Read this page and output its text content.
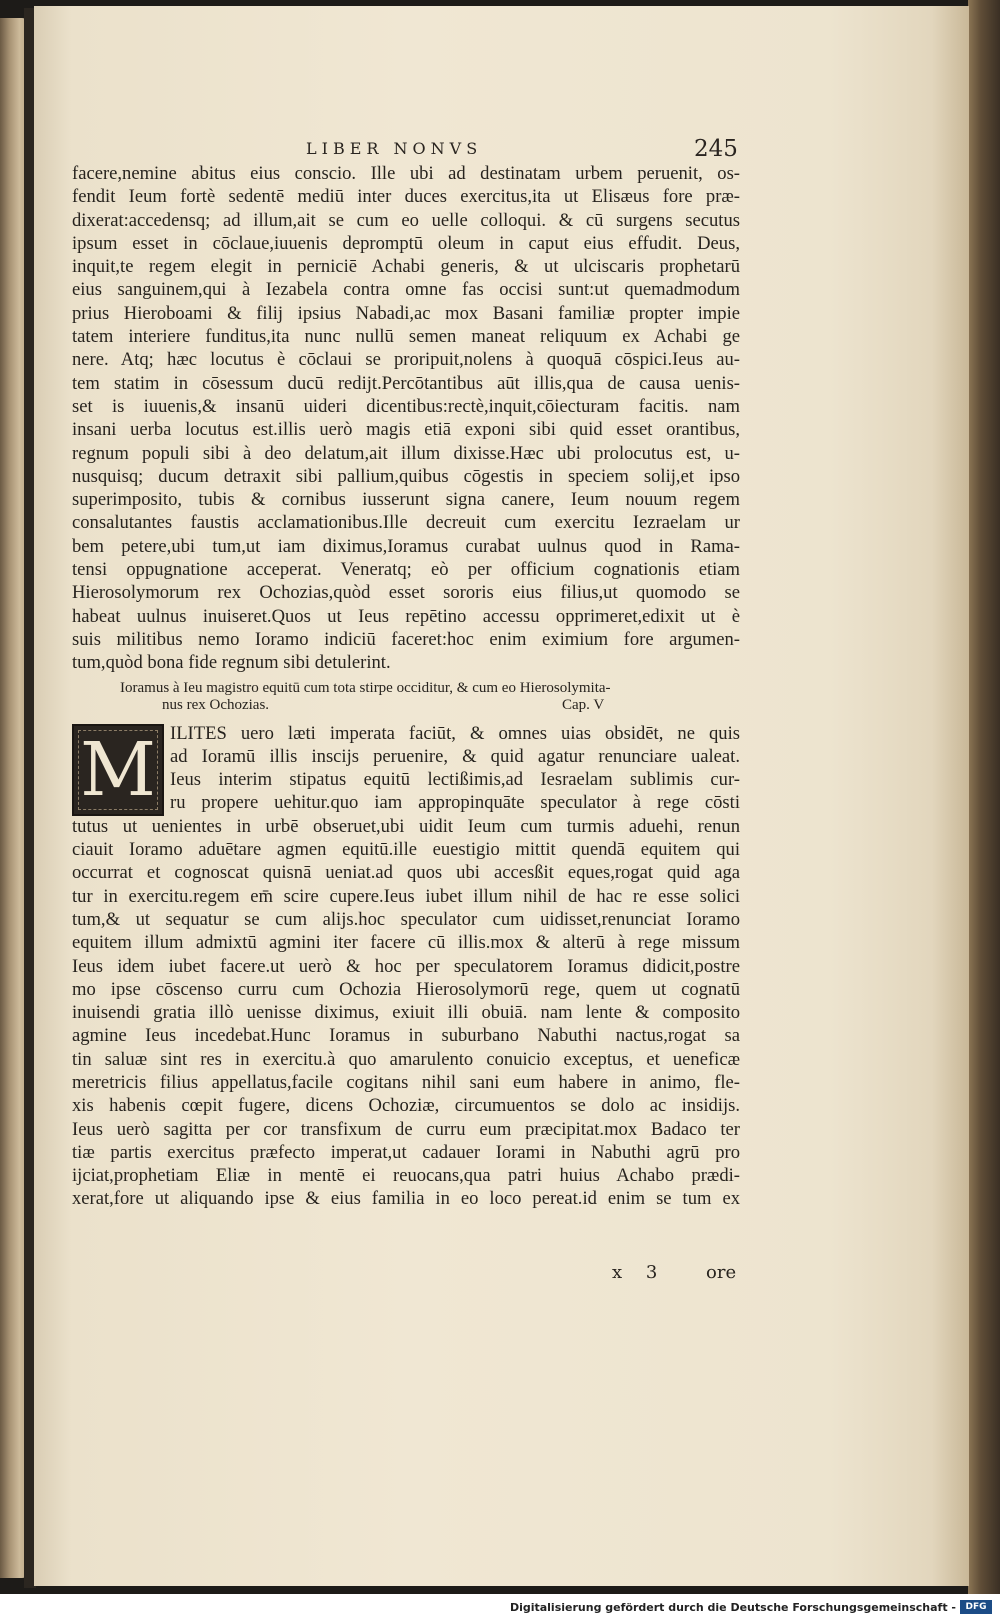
LIBER NONVS	245
facere,nemine abitus eius conscio. Ille ubi ad destinatam urbem peruenit, os-
fendit Ieum fortè sedentē mediū inter duces exercitus,ita ut Elisæus fore præ-
dixerat:accedensq; ad illum,ait se cum eo uelle colloqui. & cū surgens secutus
ipsum esset in cōclaue,iuuenis depromptū oleum in caput eius effudit. Deus,
inquit,te regem elegit in perniciē Achabi generis, & ut ulciscaris prophetarū
eius sanguinem,qui à Iezabela contra omne fas occisi sunt:ut quemadmodum
prius Hieroboami & filij ipsius Nabadi,ac mox Basani familiæ propter impie
tatem interiere funditus,ita nunc nullū semen maneat reliquum ex Achabi ge
nere. Atq; hæc locutus è cōclaui se proripuit,nolens à quoquā cōspici.Ieus au-
tem statim in cōsessum ducū redijt.Percōtantibus aūt illis,qua de causa uenis-
set is iuuenis,& insanū uideri dicentibus:rectè,inquit,cōiecturam facitis. nam
insani uerba locutus est.illis uerò magis etiā exponi sibi quid esset orantibus,
regnum populi sibi à deo delatum,ait illum dixisse.Hæc ubi prolocutus est, u-
nusquisq; ducum detraxit sibi pallium,quibus cōgestis in speciem solij,et ipso
superimposito, tubis & cornibus iusserunt signa canere, Ieum nouum regem
consalutantes faustis acclamationibus.Ille decreuit cum exercitu Iezraelam ur
bem petere,ubi tum,ut iam diximus,Ioramus curabat uulnus quod in Rama-
tensi oppugnatione acceperat. Veneratq; eò per officium cognationis etiam
Hierosolymorum rex Ochozias,quòd esset sororis eius filius,ut quomodo se
habeat uulnus inuiseret.Quos ut Ieus repētino accessu opprimeret,edixit ut è
suis militibus nemo Ioramo indiciū faceret:hoc enim eximium fore argumen-
tum,quòd bona fide regnum sibi detulerint.
Ioramus à Ieu magistro equitū cum tota stirpe occiditur, & cum eo Hierosolymita-
nus rex Ochozias.	Cap. V
M ILITES uero læti imperata faciūt, & omnes uias obsidēt, ne quis
ad Ioramū illis inscijs peruenire, & quid agatur renunciare ualeat.
Ieus interim stipatus equitū lectißimis,ad Iesraelam sublimis cur-
ru propere uehitur.quo iam appropinquāte speculator à rege cōsti
tutus ut uenientes in urbē obseruet,ubi uidit Ieum cum turmis aduehi, renun
ciauit Ioramo aduētare agmen equitū.ille euestigio mittit quendā equitem qui
occurrat et cognoscat quisnā ueniat.ad quos ubi accesßit eques,rogat quid aga
tur in exercitu.regem em̄ scire cupere.Ieus iubet illum nihil de hac re esse solici
tum,& ut sequatur se cum alijs.hoc speculator cum uidisset,renunciat Ioramo
equitem illum admixtū agmini iter facere cū illis.mox & alterū à rege missum
Ieus idem iubet facere.ut uerò & hoc per speculatorem Ioramus didicit,postre
mo ipse cōscenso curru cum Ochozia Hierosolymorū rege, quem ut cognatū
inuisendi gratia illò uenisse diximus, exiuit illi obuiā. nam lente & composito
agmine Ieus incedebat.Hunc Ioramus in suburbano Nabuthi nactus,rogat sa
tin saluæ sint res in exercitu.à quo amarulento conuicio exceptus, et ueneficæ
meretricis filius appellatus,facile cogitans nihil sani eum habere in animo, fle-
xis habenis cœpit fugere, dicens Ochoziæ, circumuentos se dolo ac insidijs.
Ieus uerò sagitta per cor transfixum de curru eum præcipitat.mox Badaco ter
tiæ partis exercitus præfecto imperat,ut cadauer Iorami in Nabuthi agrū pro
ijciat,prophetiam Eliæ in mentē ei reuocans,qua patri huius Achabo prædi-
xerat,fore ut aliquando ipse & eius familia in eo loco pereat.id enim se tum ex
x 3	ore
Digitalisierung gefördert durch die Deutsche Forschungsgemeinschaft -	DFG
